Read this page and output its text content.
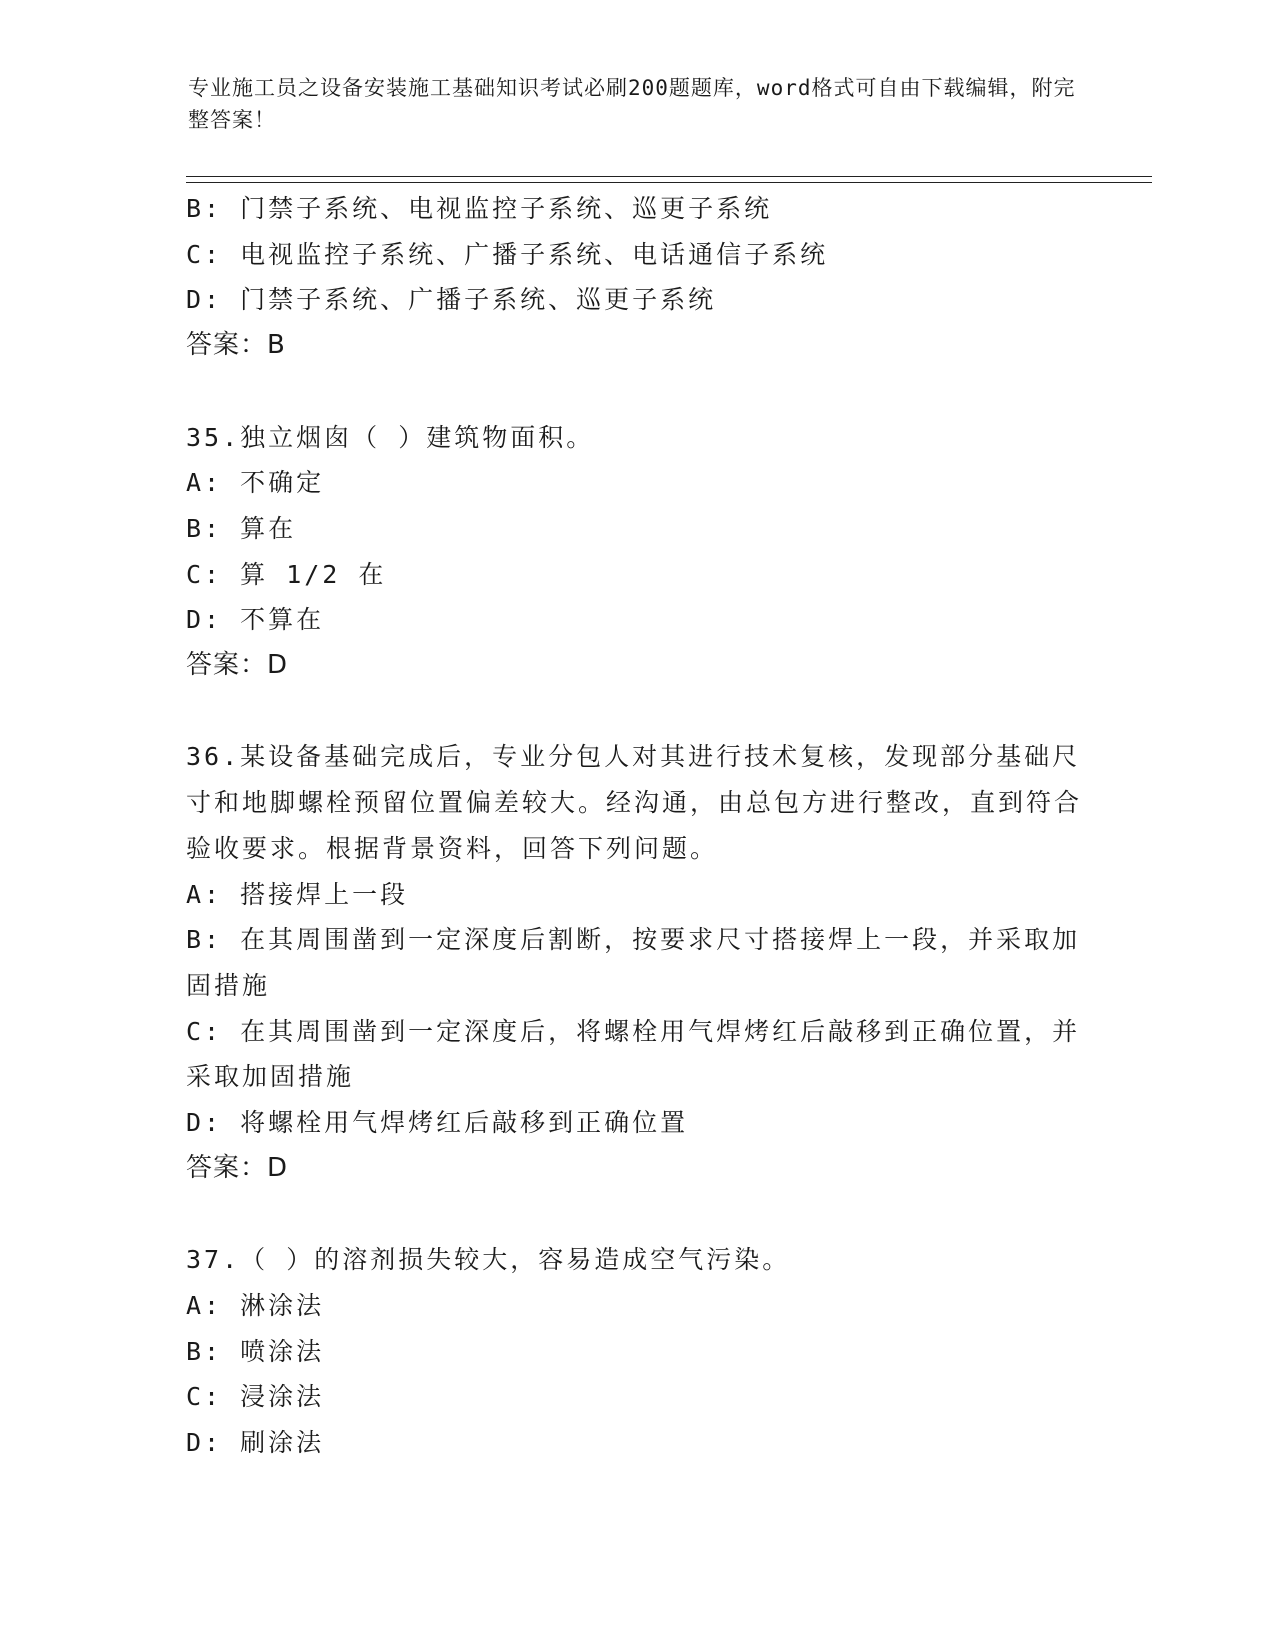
专业施工员之设备安装施工基础知识考试必刷200题题库，word格式可自由下载编辑，附完整答案！
B: 门禁子系统、电视监控子系统、巡更子系统
C: 电视监控子系统、广播子系统、电话通信子系统
D: 门禁子系统、广播子系统、巡更子系统
答案：B
35.独立烟囱（ ）建筑物面积。
A: 不确定
B: 算在
C: 算 1/2 在
D: 不算在
答案：D
36.某设备基础完成后，专业分包人对其进行技术复核，发现部分基础尺寸和地脚螺栓预留位置偏差较大。经沟通，由总包方进行整改，直到符合验收要求。根据背景资料，回答下列问题。
A: 搭接焊上一段
B: 在其周围凿到一定深度后割断，按要求尺寸搭接焊上一段，并采取加固措施
C: 在其周围凿到一定深度后，将螺栓用气焊烤红后敲移到正确位置，并采取加固措施
D: 将螺栓用气焊烤红后敲移到正确位置
答案：D
37.（ ）的溶剂损失较大，容易造成空气污染。
A: 淋涂法
B: 喷涂法
C: 浸涂法
D: 刷涂法
